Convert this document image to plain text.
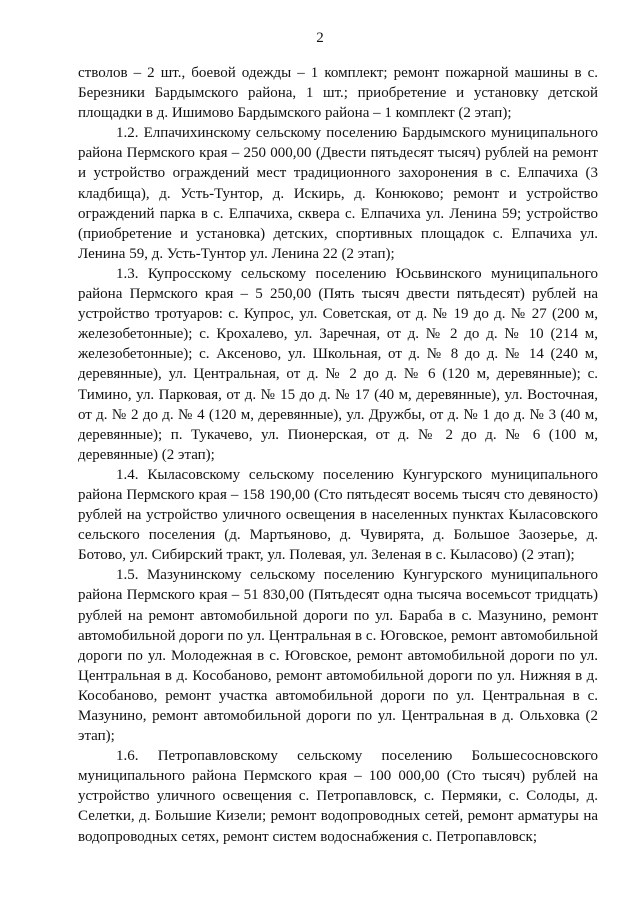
2

стволов – 2 шт., боевой одежды – 1 комплект; ремонт пожарной машины в с. Березники Бардымского района, 1 шт.; приобретение и установку детской площадки в д. Ишимово Бардымского района – 1 комплект (2 этап);

1.2. Елпачихинскому сельскому поселению Бардымского муниципального района Пермского края – 250 000,00 (Двести пятьдесят тысяч) рублей на ремонт и устройство ограждений мест традиционного захоронения в с. Елпачиха (3 кладбища), д. Усть-Тунтор, д. Искирь, д. Конюково; ремонт и устройство ограждений парка в с. Елпачиха, сквера с. Елпачиха ул. Ленина 59; устройство (приобретение и установка) детских, спортивных площадок с. Елпачиха ул. Ленина 59, д. Усть-Тунтор ул. Ленина 22 (2 этап);

1.3. Купросскому сельскому поселению Юсьвинского муниципального района Пермского края – 5 250,00 (Пять тысяч двести пятьдесят) рублей на устройство тротуаров: с. Купрос, ул. Советская, от д. № 19 до д. № 27 (200 м, железобетонные); с. Крохалево, ул. Заречная, от д. № 2 до д. № 10 (214 м, железобетонные); с. Аксеново, ул. Школьная, от д. № 8 до д. № 14 (240 м, деревянные), ул. Центральная, от д. № 2 до д. № 6 (120 м, деревянные); с. Тимино, ул. Парковая, от д. № 15 до д. № 17 (40 м, деревянные), ул. Восточная, от д. № 2 до д. № 4 (120 м, деревянные), ул. Дружбы, от д. № 1 до д. № 3 (40 м, деревянные); п. Тукачево, ул. Пионерская, от д. № 2 до д. № 6 (100 м, деревянные) (2 этап);

1.4. Кыласовскому сельскому поселению Кунгурского муниципального района Пермского края – 158 190,00 (Сто пятьдесят восемь тысяч сто девяносто) рублей на устройство уличного освещения в населенных пунктах Кыласовского сельского поселения (д. Мартьяново, д. Чувирята, д. Большое Заозерье, д. Ботово, ул. Сибирский тракт, ул. Полевая, ул. Зеленая в с. Кыласово) (2 этап);

1.5. Мазунинскому сельскому поселению Кунгурского муниципального района Пермского края – 51 830,00 (Пятьдесят одна тысяча восемьсот тридцать) рублей на ремонт автомобильной дороги по ул. Бараба в с. Мазунино, ремонт автомобильной дороги по ул. Центральная в с. Юговское, ремонт автомобильной дороги по ул. Молодежная в с. Юговское, ремонт автомобильной дороги по ул. Центральная в д. Кособаново, ремонт автомобильной дороги по ул. Нижняя в д. Кособаново, ремонт участка автомобильной дороги по ул. Центральная в с. Мазунино, ремонт автомобильной дороги по ул. Центральная в д. Ольховка (2 этап);

1.6. Петропавловскому сельскому поселению Большесосновского муниципального района Пермского края – 100 000,00 (Сто тысяч) рублей на устройство уличного освещения с. Петропавловск, с. Пермяки, с. Солоды, д. Селетки, д. Большие Кизели; ремонт водопроводных сетей, ремонт арматуры на водопроводных сетях, ремонт систем водоснабжения с. Петропавловск;
